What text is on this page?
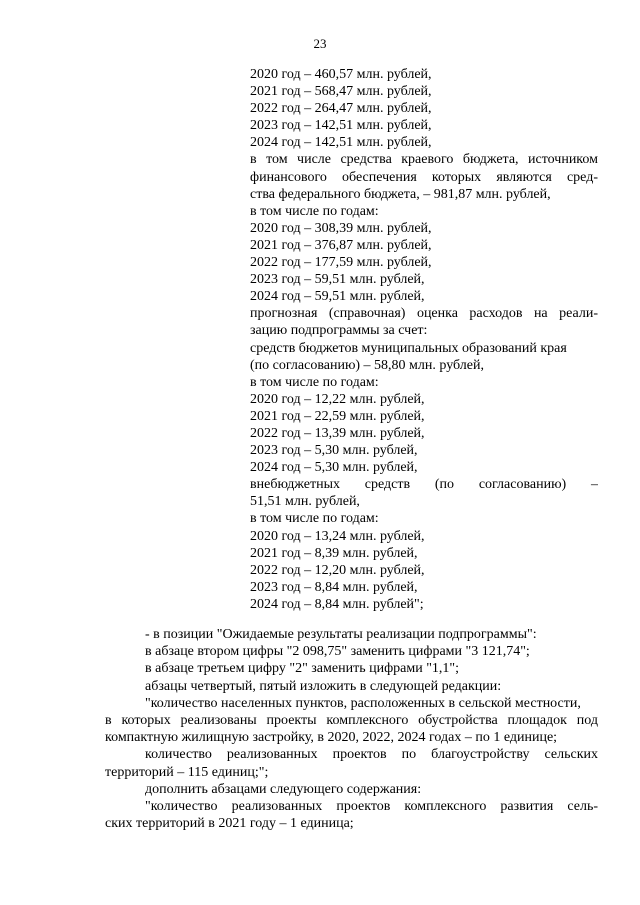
23
2020 год – 460,57 млн. рублей,
2021 год – 568,47 млн. рублей,
2022 год – 264,47 млн. рублей,
2023 год – 142,51 млн. рублей,
2024 год – 142,51 млн. рублей,
в том числе средства краевого бюджета, источником
финансового обеспечения которых являются сред-
ства федерального бюджета, – 981,87 млн. рублей,
в том числе по годам:
2020 год – 308,39 млн. рублей,
2021 год – 376,87 млн. рублей,
2022 год – 177,59 млн. рублей,
2023 год – 59,51 млн. рублей,
2024 год – 59,51 млн. рублей,
прогнозная (справочная) оценка расходов на реали-
зацию подпрограммы за счет:
средств бюджетов муниципальных образований края
(по согласованию) – 58,80 млн. рублей,
в том числе по годам:
2020 год – 12,22 млн. рублей,
2021 год – 22,59 млн. рублей,
2022 год – 13,39 млн. рублей,
2023 год – 5,30 млн. рублей,
2024 год – 5,30 млн. рублей,
внебюджетных средств (по согласованию) –
51,51 млн. рублей,
в том числе по годам:
2020 год – 13,24 млн. рублей,
2021 год – 8,39 млн. рублей,
2022 год – 12,20 млн. рублей,
2023 год – 8,84 млн. рублей,
2024 год – 8,84 млн. рублей";
- в позиции "Ожидаемые результаты реализации подпрограммы":
в абзаце втором цифры "2 098,75" заменить цифрами "3 121,74";
в абзаце третьем цифру "2" заменить цифрами "1,1";
абзацы четвертый, пятый изложить в следующей редакции:
"количество населенных пунктов, расположенных в сельской местности,
в которых реализованы проекты комплексного обустройства площадок под
компактную жилищную застройку, в 2020, 2022, 2024 годах – по 1 единице;
количество реализованных проектов по благоустройству сельских
территорий – 115 единиц;";
дополнить абзацами следующего содержания:
"количество реализованных проектов комплексного развития сель-
ских территорий в 2021 году – 1 единица;
